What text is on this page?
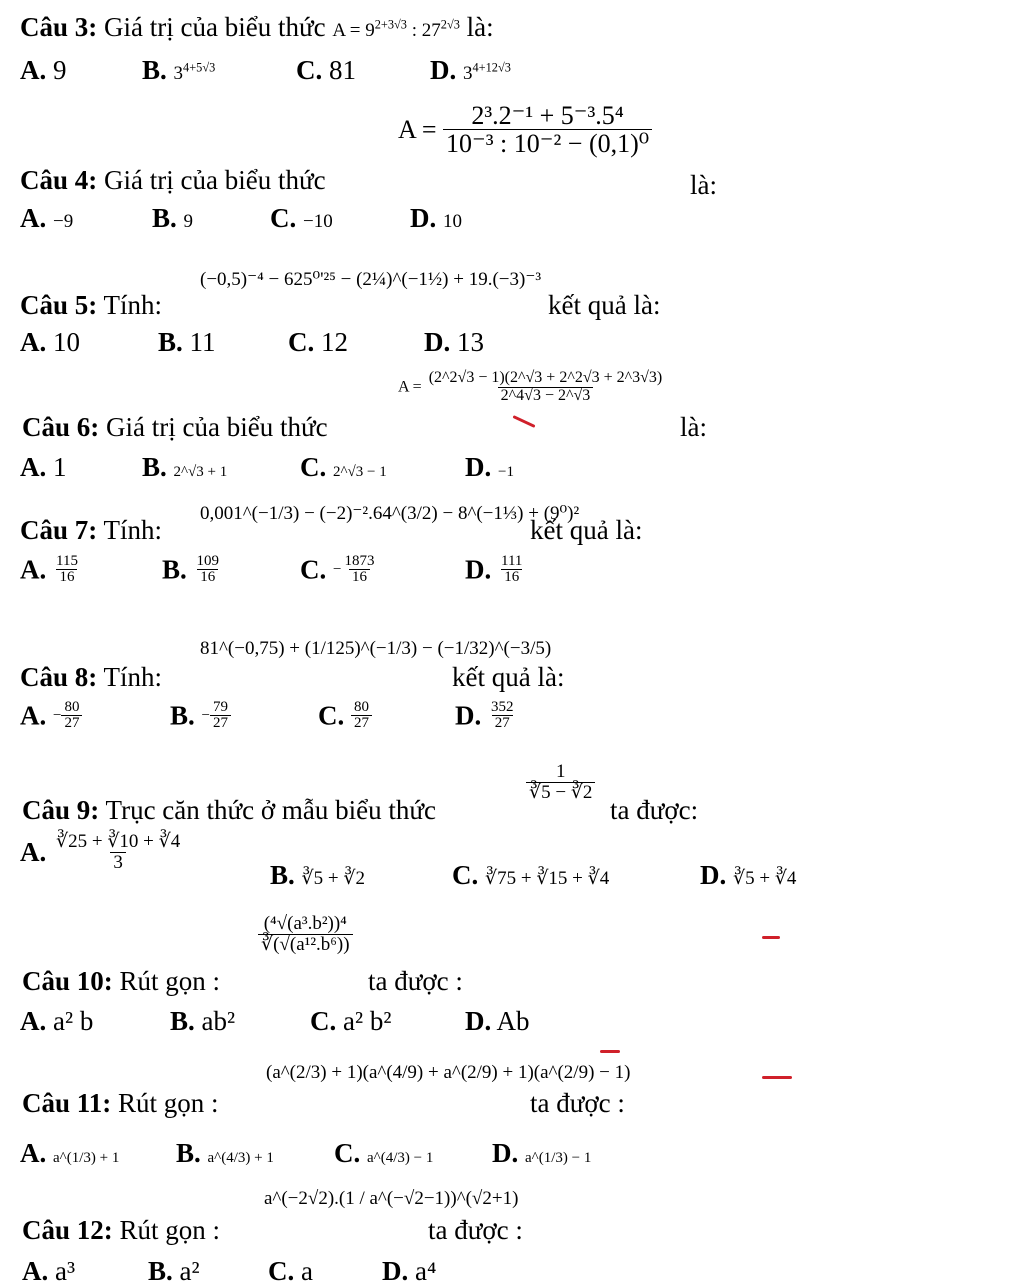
Câu 3: Giá trị của biểu thức $A = 9^{2+3√3}$ : $27^{2√3}$ là:
A. 9	B. $3^{4+5√3}$	C. 81	D. $3^{4+12√3}$
Câu 4: Giá trị của biểu thức
$A = \frac{\text{2³.2⁻¹ + 5⁻³.5⁴}}{\text{10⁻³ : 10⁻² − (0,1)⁰}}$
là:
A. −9	B. 9	C. −10	D. 10
Câu 5: Tính:
(−0,5)⁻⁴ − 625⁰'²⁵ − (2¼)^(−1½) + 19.(−3)⁻³
kết quả là:
A. 10	B. 11	C. 12	D. 13
Câu 6: Giá trị của biểu thức
$A = \frac{(2\^{}2√3 - 1)(2\^{}√3 + 2\^{}2√3 + 2\^{}3√3)}{2\^{}4√3 - 2\^{}√3}$
là:
A. 1	B. 2^√3 + 1	C. 2^√3 − 1	D. −1
Câu 7: Tính:
0,001^(−1/3) − (−2)⁻².64^(3/2) − 8^(−1⅓) + (9⁰)²
kết quả là:
A. $\frac{115}{16}$	B. $\frac{109}{16}$	C. − $\frac{1873}{16}$	D. $\frac{111}{16}$
Câu 8: Tính:
81^(−0,75) + (1/125)^(−1/3) − (−1/32)^(−3/5)
kết quả là:
A. − $\frac{80}{27}$	B. − $\frac{79}{27}$	C. $\frac{80}{27}$	D. $\frac{352}{27}$
Câu 9: Trục căn thức ở mẫu biểu thức
$\frac{1}{∛5 - ∛2}$
ta được:
A. $\frac{∛25 + ∛10 + ∛4}{3}$
B. ∛5 + ∛2	C. ∛75 + ∛15 + ∛4	D. ∛5 + ∛4
Câu 10: Rút gọn :
$\frac{\text{(⁴√(a³.b²))⁴}}{\text{∛(√(a¹².b⁶))}}$
ta được :
A. a² b	B. ab²	C. a² b²	D. Ab
Câu 11: Rút gọn :
(a^(2/3) + 1)(a^(4/9) + a^(2/9) + 1)(a^(2/9) − 1)
ta được :
A. a^(1/3) + 1 B. a^(4/3) + 1 C. a^(4/3) − 1 D. a^(1/3) − 1
Câu 12: Rút gọn :
a^(−2√2).(1 / a^(−√2−1))^(√2+1)
ta được :
A. a³	B. a²	C. a	D. a⁴
